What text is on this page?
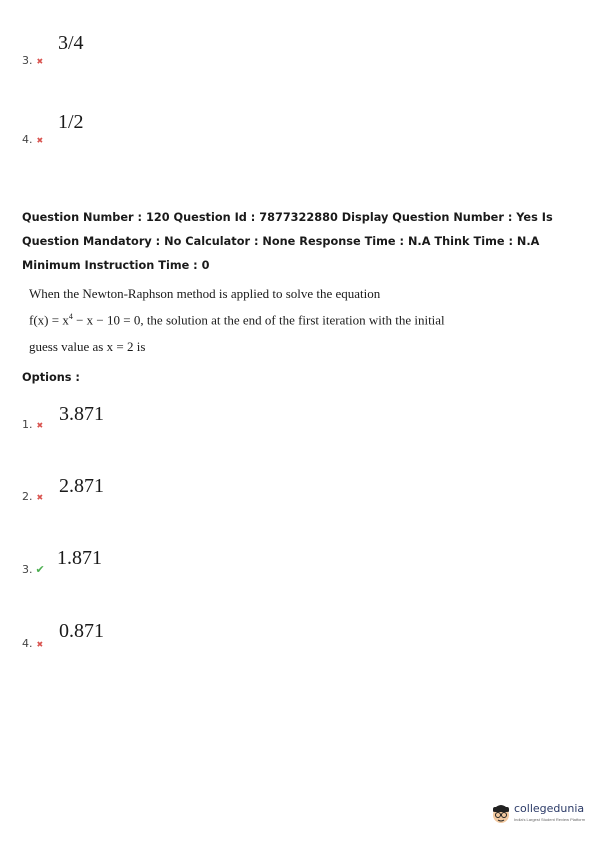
3/4
3. ✖
1/2
4. ✖
Question Number : 120 Question Id : 7877322880 Display Question Number : Yes Is Question Mandatory : No Calculator : None Response Time : N.A Think Time : N.A Minimum Instruction Time : 0
When the Newton-Raphson method is applied to solve the equation
$f(x) = x^4 - x - 10 = 0$, the solution at the end of the first iteration with the initial
guess value as x = 2 is
Options :
3.871
1. ✖
2.871
2. ✖
1.871
3. ✔
0.871
4. ✖
collegedunia
India's Largest Student Review Platform
